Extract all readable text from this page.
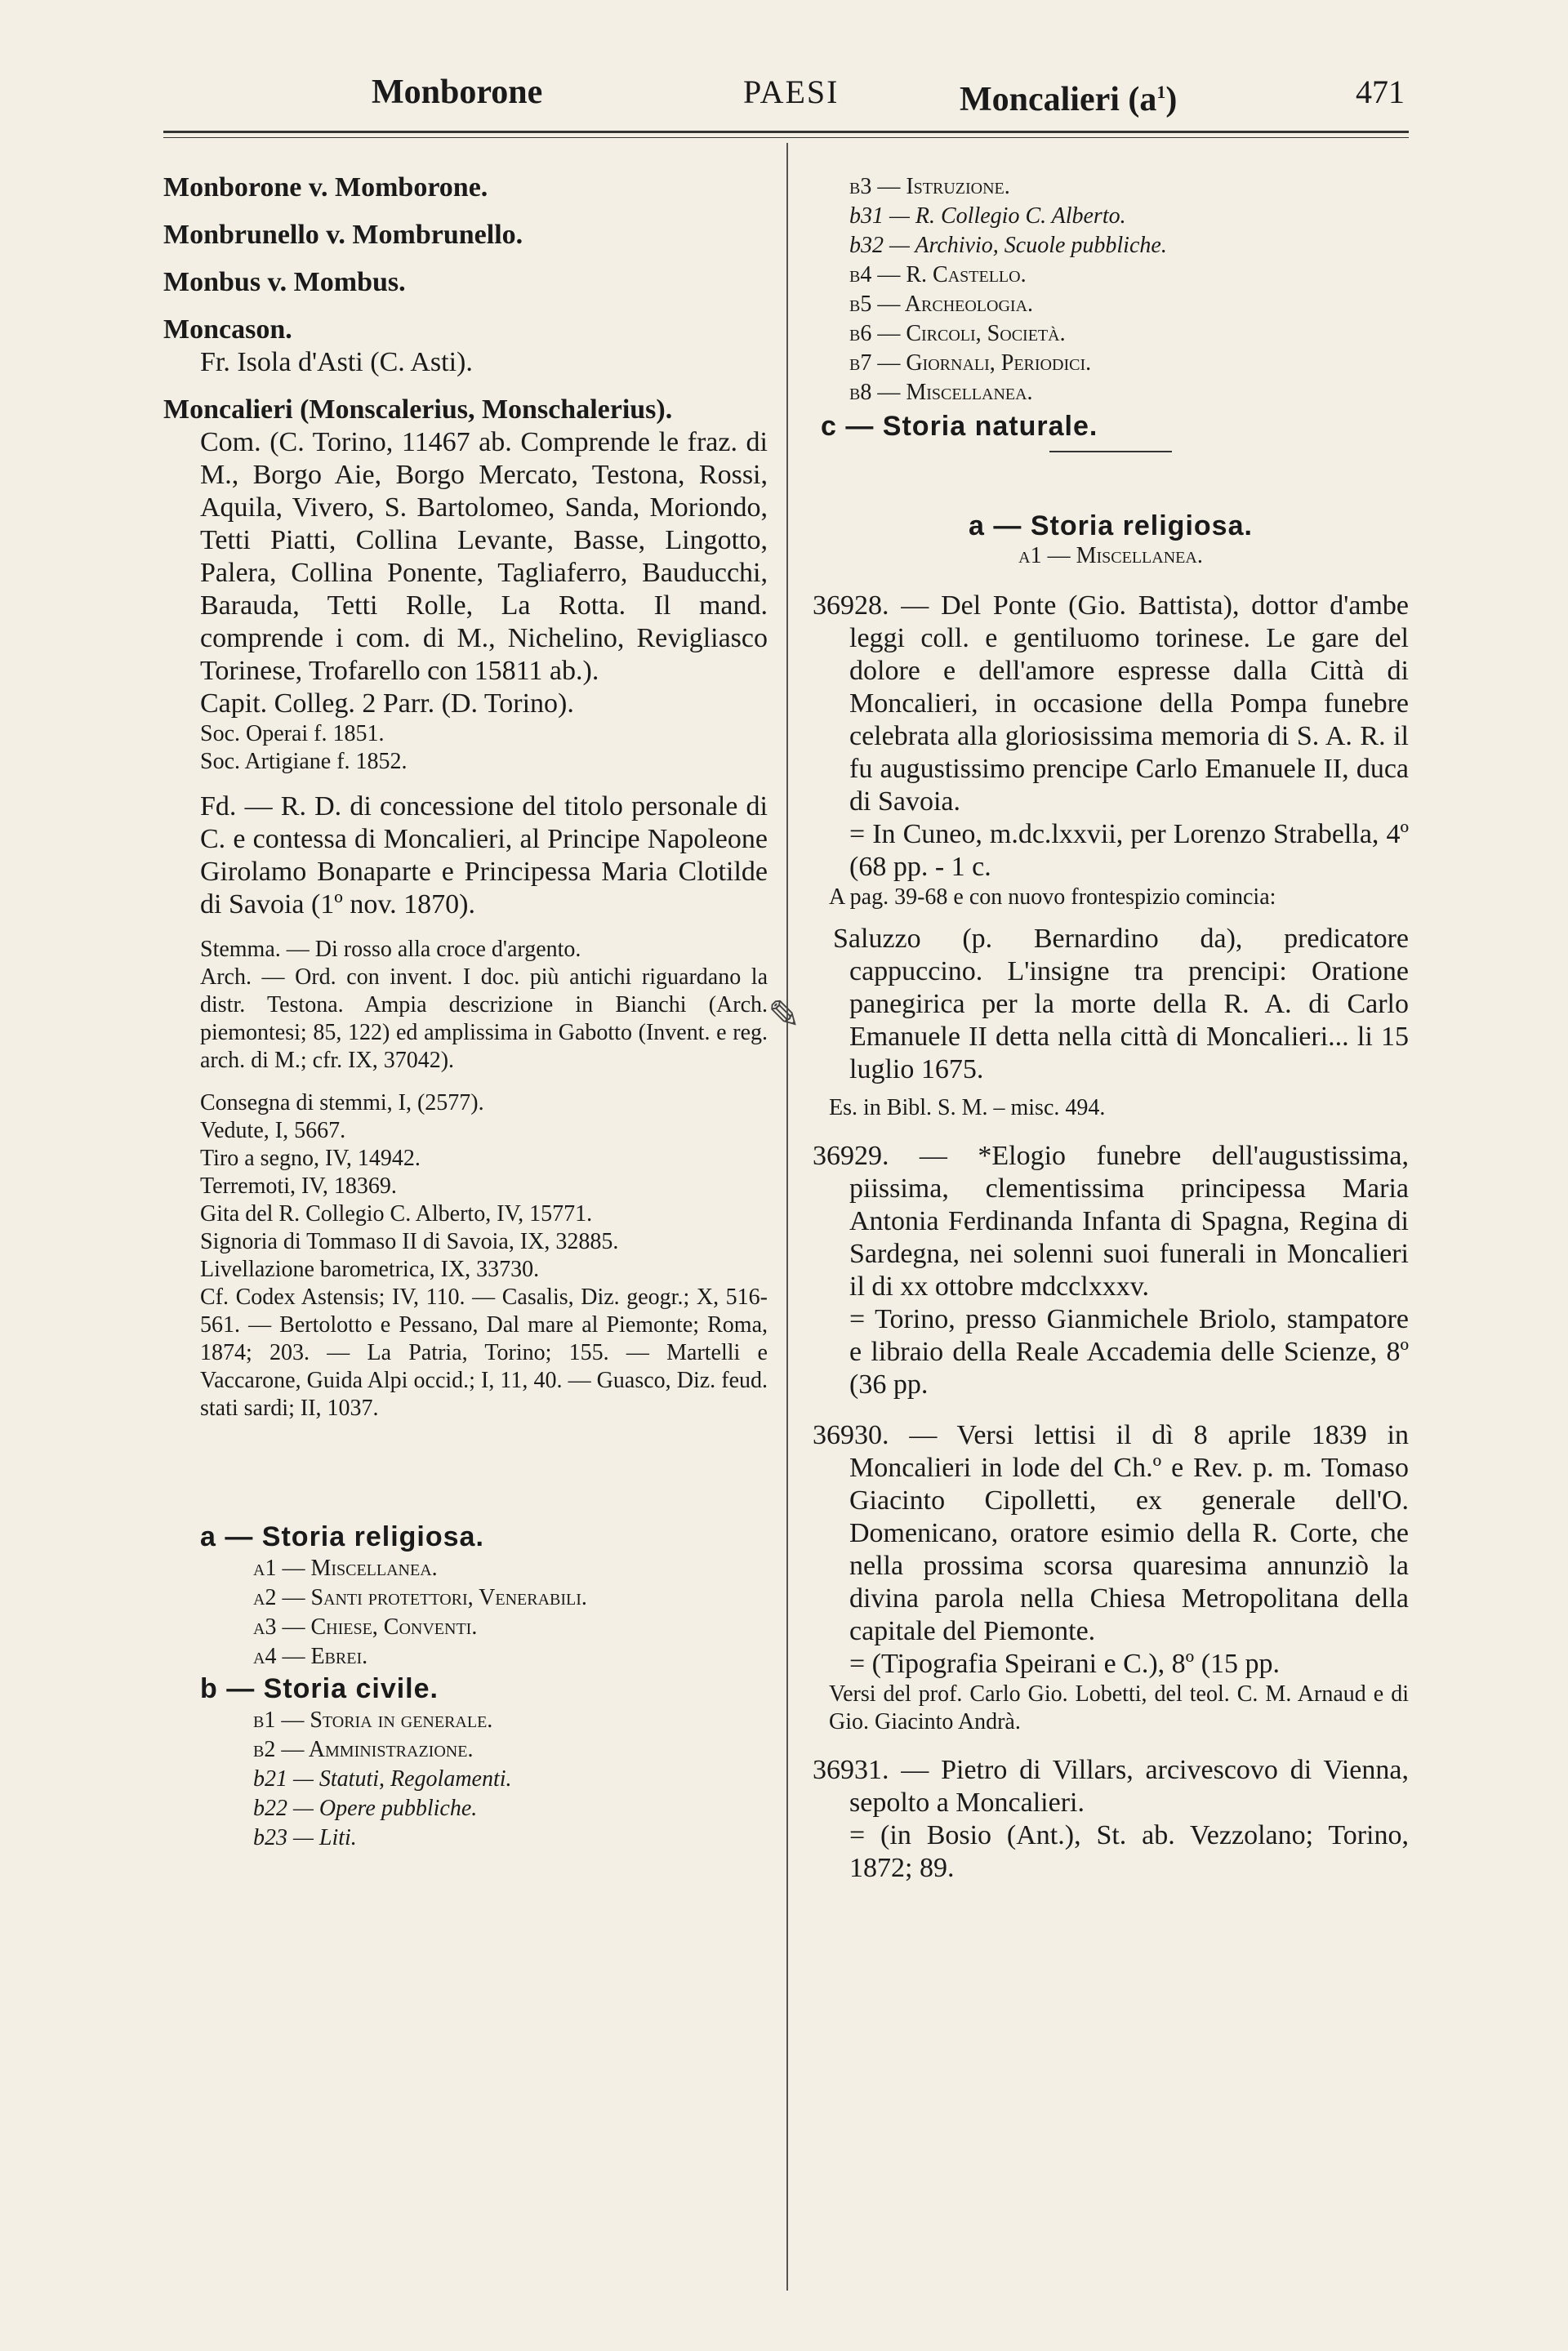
Monborone	PAESI	Moncalieri $(a^1)$	471
Monborone v. Momborone.
Monbrunello v. Mombrunello.
Monbus v. Mombus.
Moncason.
Fr. Isola d'Asti (C. Asti).
Moncalieri (Monscalerius, Monschalerius).
Com. (C. Torino, 11467 ab. Comprende le fraz. di M., Borgo Aie, Borgo Mercato, Testona, Rossi, Aquila, Vivero, S. Bartolomeo, Sanda, Moriondo, Tetti Piatti, Collina Levante, Basse, Lingotto, Palera, Collina Ponente, Tagliaferro, Bauducchi, Barauda, Tetti Rolle, La Rotta. Il mand. comprende i com. di M., Nichelino, Revigliasco Torinese, Trofarello con 15811 ab.).
Capit. Colleg. 2 Parr. (D. Torino).
Soc. Operai f. 1851.
Soc. Artigiane f. 1852.
Fd. — R. D. di concessione del titolo personale di C. e contessa di Moncalieri, al Principe Napoleone Girolamo Bonaparte e Principessa Maria Clotilde di Savoia (1º nov. 1870).
Stemma. — Di rosso alla croce d'argento.
Arch. — Ord. con invent. I doc. più antichi riguardano la distr. Testona. Ampia descrizione in Bianchi (Arch. piemontesi; 85, 122) ed amplissima in Gabotto (Invent. e reg. arch. di M.; cfr. IX, 37042).
Consegna di stemmi, I, (2577).
Vedute, I, 5667.
Tiro a segno, IV, 14942.
Terremoti, IV, 18369.
Gita del R. Collegio C. Alberto, IV, 15771.
Signoria di Tommaso II di Savoia, IX, 32885.
Livellazione barometrica, IX, 33730.
Cf. Codex Astensis; IV, 110. — Casalis, Diz. geogr.; X, 516-561. — Bertolotto e Pessano, Dal mare al Piemonte; Roma, 1874; 203. — La Patria, Torino; 155. — Martelli e Vaccarone, Guida Alpi occid.; I, 11, 40. — Guasco, Diz. feud. stati sardi; II, 1037.
a — Storia religiosa.
a1 — Miscellanea.
a2 — Santi protettori, Venerabili.
a3 — Chiese, Conventi.
a4 — Ebrei.
b — Storia civile.
b1 — Storia in generale.
b2 — Amministrazione.
b21 — Statuti, Regolamenti.
b22 — Opere pubbliche.
b23 — Liti.
b3 — Istruzione.
b31 — R. Collegio C. Alberto.
b32 — Archivio, Scuole pubbliche.
b4 — R. Castello.
b5 — Archeologia.
b6 — Circoli, Società.
b7 — Giornali, Periodici.
b8 — Miscellanea.
c — Storia naturale.
a — Storia religiosa.
a1 — Miscellanea.

36928. — Del Ponte (Gio. Battista), dottor d'ambe leggi coll. e gentiluomo torinese. Le gare del dolore e dell'amore espresse dalla Città di Moncalieri, in occasione della Pompa funebre celebrata alla gloriosissima memoria di S. A. R. il fu augustissimo prencipe Carlo Emanuele II, duca di Savoia.

= In Cuneo, m.dc.lxxvii, per Lorenzo Strabella, 4º (68 pp. - 1 c.

A pag. 39-68 e con nuovo frontespizio comincia:

Saluzzo (p. Bernardino da), predicatore cappuccino. L'insigne tra prencipi: Oratione panegirica per la morte della R. A. di Carlo Emanuele II detta nella città di Moncalieri... li 15 luglio 1675.

Es. in Bibl. S. M. – misc. 494.

36929. — *Elogio funebre dell'augustissima, piissima, clementissima principessa Maria Antonia Ferdinanda Infanta di Spagna, Regina di Sardegna, nei solenni suoi funerali in Moncalieri il di xx ottobre mdcclxxxv.

= Torino, presso Gianmichele Briolo, stampatore e libraio della Reale Accademia delle Scienze, 8º (36 pp.

36930. — Versi lettisi il dì 8 aprile 1839 in Moncalieri in lode del Ch.º e Rev. p. m. Tomaso Giacinto Cipolletti, ex generale dell'O. Domenicano, oratore esimio della R. Corte, che nella prossima scorsa quaresima annunziò la divina parola nella Chiesa Metropolitana della capitale del Piemonte.

= (Tipografia Speirani e C.), 8º (15 pp.

Versi del prof. Carlo Gio. Lobetti, del teol. C. M. Arnaud e di Gio. Giacinto Andrà.

36931. — Pietro di Villars, arcivescovo di Vienna, sepolto a Moncalieri.

= (in Bosio (Ant.), St. ab. Vezzolano; Torino, 1872; 89.

✎
